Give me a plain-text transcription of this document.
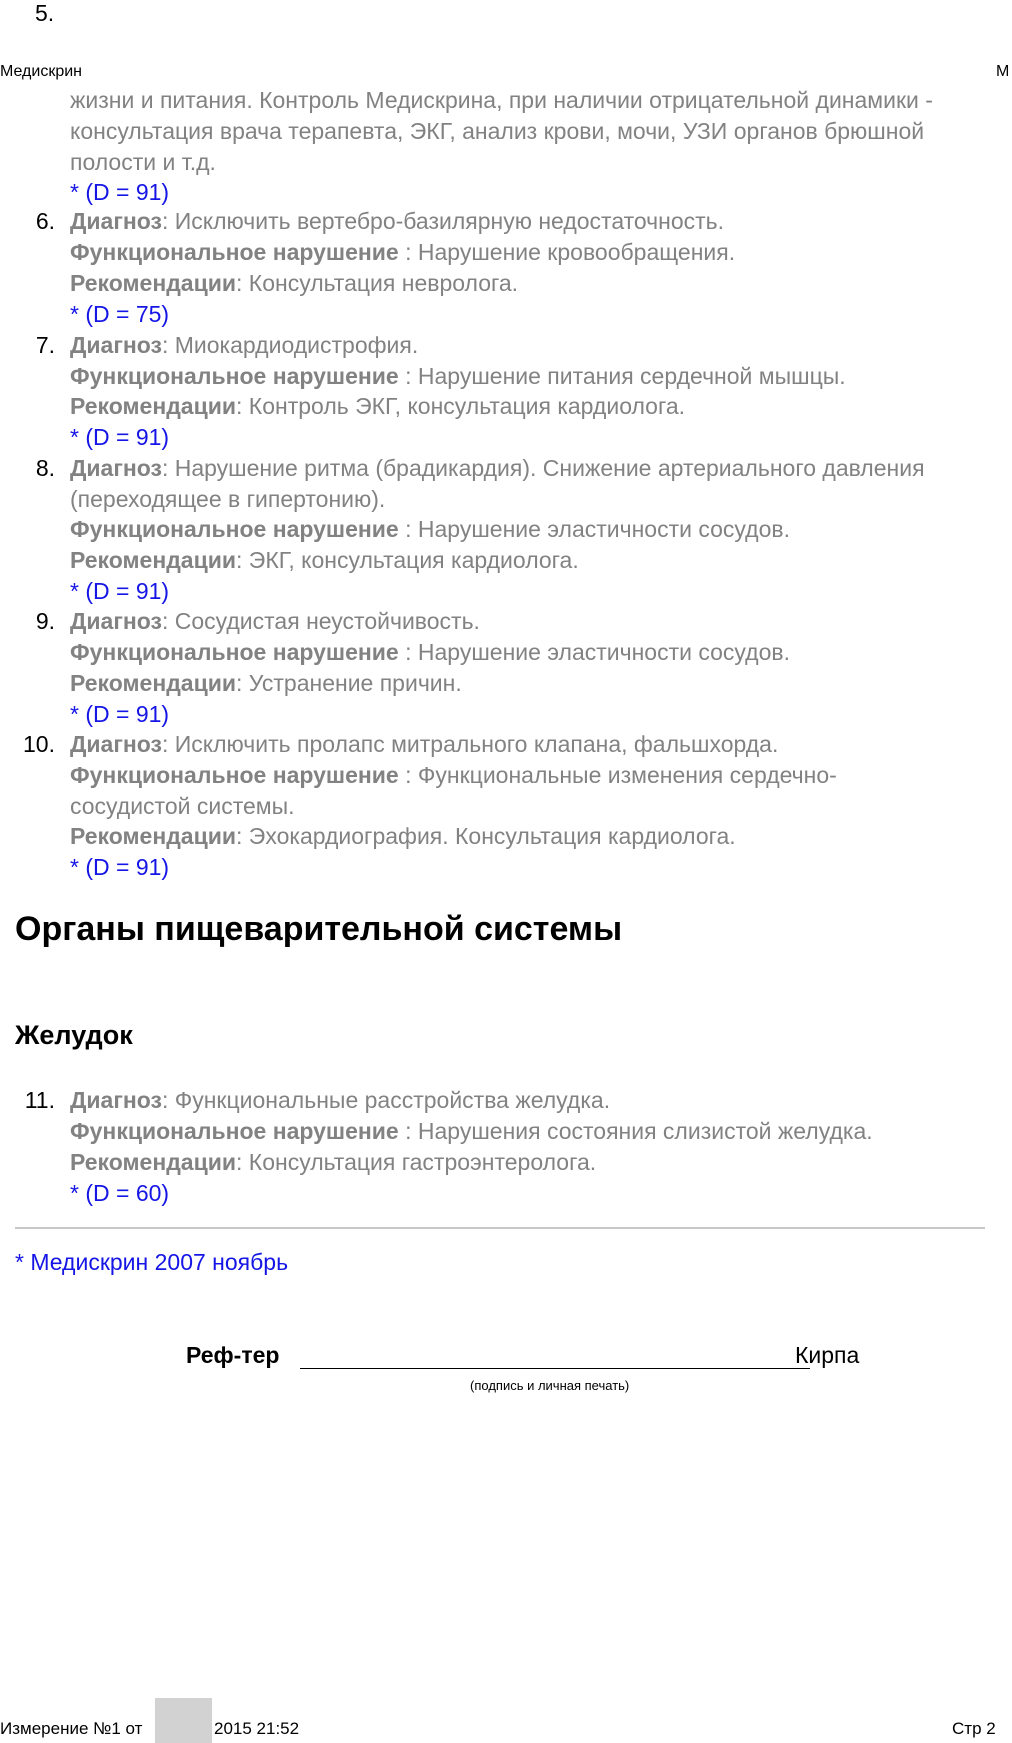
5.
Медискрин	М
жизни и питания. Контроль Медискрина, при наличии отрицательной динамики -
консультация врача терапевта, ЭКГ, анализ крови, мочи, УЗИ органов брюшной
полости и т.д.
* (D = 91)
6. Диагноз: Исключить вертебро-базилярную недостаточность.
Функциональное нарушение : Нарушение кровообращения.
Рекомендации: Консультация невролога.
* (D = 75)
7. Диагноз: Миокардиодистрофия.
Функциональное нарушение : Нарушение питания сердечной мышцы.
Рекомендации: Контроль ЭКГ, консультация кардиолога.
* (D = 91)
8. Диагноз: Нарушение ритма (брадикардия). Снижение артериального давления
(переходящее в гипертонию).
Функциональное нарушение : Нарушение эластичности сосудов.
Рекомендации: ЭКГ, консультация кардиолога.
* (D = 91)
9. Диагноз: Сосудистая неустойчивость.
Функциональное нарушение : Нарушение эластичности сосудов.
Рекомендации: Устранение причин.
* (D = 91)
10. Диагноз: Исключить пролапс митрального клапана, фальшхорда.
Функциональное нарушение : Функциональные изменения сердечно-
сосудистой системы.
Рекомендации: Эхокардиография. Консультация кардиолога.
* (D = 91)
Органы пищеварительной системы
Желудок
11. Диагноз: Функциональные расстройства желудка.
Функциональное нарушение : Нарушения состояния слизистой желудка.
Рекомендации: Консультация гастроэнтеролога.
* (D = 60)
* Медискрин 2007 ноябрь
Реф-тер	Кирпа
(подпись и личная печать)
Измерение №1 от	2015 21:52	Стр 2
